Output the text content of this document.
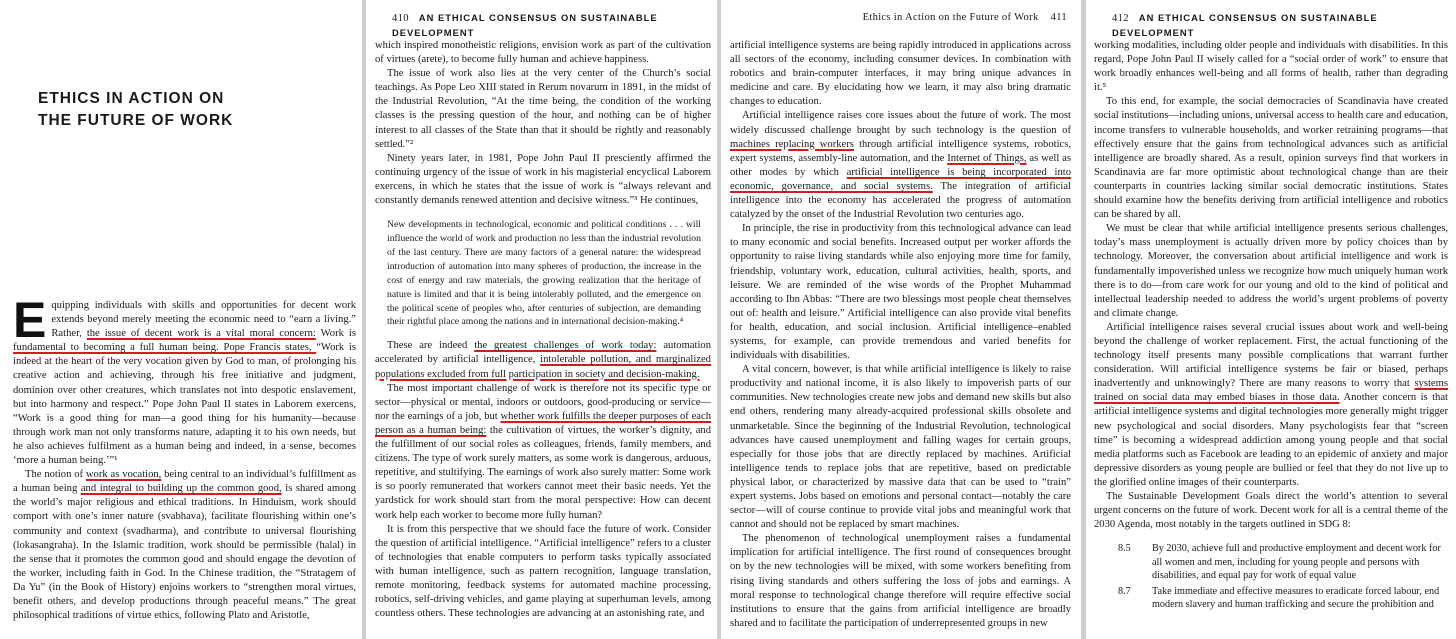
ETHICS IN ACTION ON
THE FUTURE OF WORK

Equipping individuals with skills and opportunities for decent work extends beyond merely meeting the economic need to “earn a living.” Rather, the issue of decent work is a vital moral concern: Work is fundamental to becoming a full human being. Pope Francis states, “Work is indeed at the heart of the very vocation given by God to man, of prolonging his creative action and achieving, through his free initiative and judgment, dominion over other creatures, which translates not into despotic enslavement, but into harmony and respect.” Pope John Paul II states in Laborem exercens, “Work is a good thing for man—a good thing for his humanity—because through work man not only transforms nature, adapting it to his own needs, but he also achieves fulfilment as a human being and indeed, in a sense, becomes ‘more a human being.’”¹

The notion of work as vocation, being central to an individual’s fulfillment as a human being and integral to building up the common good, is shared among the world’s major religious and ethical traditions. In Hinduism, work should comport with one’s inner nature (svabhava), facilitate flourishing within one’s community and context (svadharma), and contribute to universal flourishing (lokasangraha). In the Islamic tradition, work should be permissible (halal) in the sense that it promotes the common good and should engage the devotion of the worker, including faith in God. In the Chinese tradition, the “Stratagem of Da Yu” (in the Book of History) enjoins workers to “strengthen moral virtues, benefit others, and develop productions through peaceful means.” The great philosophical traditions of virtue ethics, following Plato and Aristotle,

410 AN ETHICAL CONSENSUS ON SUSTAINABLE DEVELOPMENT

which inspired monotheistic religions, envision work as part of the cultivation of virtues (arete), to become fully human and achieve happiness.

The issue of work also lies at the very center of the Church’s social teachings. As Pope Leo XIII stated in Rerum novarum in 1891, in the midst of the Industrial Revolution, “At the time being, the condition of the working classes is the pressing question of the hour, and nothing can be of higher interest to all classes of the State than that it should be rightly and reasonably settled.”²

Ninety years later, in 1981, Pope John Paul II presciently affirmed the continuing urgency of the issue of work in his magisterial encyclical Laborem exercens, in which he states that the issue of work is “always relevant and constantly demands renewed attention and decisive witness.”³ He continues,

New developments in technological, economic and political conditions . . . will influence the world of work and production no less than the industrial revolution of the last century. There are many factors of a general nature: the widespread introduction of automation into many spheres of production, the increase in the cost of energy and raw materials, the growing realization that the heritage of nature is limited and that it is being intolerably polluted, and the emergence on the political scene of peoples who, after centuries of subjection, are demanding their rightful place among the nations and in international decision-making.⁴

These are indeed the greatest challenges of work today: automation accelerated by artificial intelligence, intolerable pollution, and marginalized populations excluded from full participation in society and decision-making.

The most important challenge of work is therefore not its specific type or sector—physical or mental, indoors or outdoors, good-producing or service—nor the earnings of a job, but whether work fulfills the deeper purposes of each person as a human being: the cultivation of virtues, the worker’s dignity, and the fulfillment of our social roles as colleagues, friends, family members, and citizens. The type of work surely matters, as some work is dangerous, arduous, repetitive, and stultifying. The earnings of work also surely matter: Some work is so poorly remunerated that workers cannot meet their basic needs. Yet the yardstick for work should start from the moral perspective: How can decent work help each worker to become more fully human?

It is from this perspective that we should face the future of work. Consider the question of artificial intelligence. “Artificial intelligence” refers to a cluster of technologies that enable computers to perform tasks typically associated with human intelligence, such as pattern recognition, language translation, remote monitoring, feedback systems for automated machine processing, robotics, self-driving vehicles, and game playing at superhuman levels, among countless others. These technologies are advancing at an astonishing rate, and

Ethics in Action on the Future of Work 411

artificial intelligence systems are being rapidly introduced in applications across all sectors of the economy, including consumer devices. In combination with robotics and brain-computer interfaces, it may bring unique advances in medicine and care. By elucidating how we learn, it may also bring dramatic changes to education.

Artificial intelligence raises core issues about the future of work. The most widely discussed challenge brought by such technology is the question of machines replacing workers through artificial intelligence systems, robotics, expert systems, assembly-line automation, and the Internet of Things, as well as other modes by which artificial intelligence is being incorporated into economic, governance, and social systems. The integration of artificial intelligence into the economy has accelerated the progress of automation catalyzed by the onset of the Industrial Revolution two centuries ago.

In principle, the rise in productivity from this technological advance can lead to many economic and social benefits. Increased output per worker affords the opportunity to raise living standards while also enjoying more time for family, friendship, voluntary work, education, cultural activities, health, sports, and leisure. We are reminded of the wise words of the Prophet Muhammad according to Ibn Abbas: “There are two blessings most people cheat themselves out of: health and leisure.” Artificial intelligence can also provide vital benefits for health, education, and social inclusion. Artificial intelligence–enabled systems, for example, can provide tremendous and varied benefits for individuals with disabilities.

A vital concern, however, is that while artificial intelligence is likely to raise productivity and national income, it is also likely to impoverish parts of our communities. New technologies create new jobs and demand new skills but also end others, rendering many already-acquired professional skills obsolete and unmarketable. Since the beginning of the Industrial Revolution, technological advances have caused unemployment and falling wages for certain groups, especially for those jobs that are directly replaced by machines. Artificial intelligence tends to replace jobs that are repetitive, based on predictable physical labor, or characterized by massive data that can be used to “train” expert systems. Jobs based on emotions and personal contact—notably the care sector—will of course continue to provide vital jobs and meaningful work that cannot and should not be replaced by smart machines.

The phenomenon of technological unemployment raises a fundamental implication for artificial intelligence. The first round of consequences brought on by the new technologies will be mixed, with some workers benefiting from rising living standards and others suffering the loss of jobs and earnings. A moral response to technological change therefore will require effective social institutions to ensure that the gains from artificial intelligence are broadly shared and to facilitate the participation of underrepresented groups in new

412 AN ETHICAL CONSENSUS ON SUSTAINABLE DEVELOPMENT

working modalities, including older people and individuals with disabilities. In this regard, Pope John Paul II wisely called for a “social order of work” to ensure that work broadly enhances well-being and all forms of health, rather than degrading it.⁵

To this end, for example, the social democracies of Scandinavia have created social institutions—including unions, universal access to health care and education, income transfers to vulnerable households, and worker retraining programs—that effectively ensure that the gains from technological advances such as artificial intelligence are broadly shared. As a result, opinion surveys find that workers in Scandinavia are far more optimistic about technological change than are their counterparts in countries lacking similar social democratic institutions. States should examine how the benefits deriving from artificial intelligence and robotics can be shared by all.

We must be clear that while artificial intelligence presents serious challenges, today’s mass unemployment is actually driven more by policy choices than by technology. Moreover, the conversation about artificial intelligence and work is fundamentally impoverished unless we recognize how much uniquely human work there is to do—from care work for our young and old to the kind of political and intellectual leadership needed to address the world’s urgent problems of poverty and climate change.

Artificial intelligence raises several crucial issues about work and well-being beyond the challenge of worker replacement. First, the actual functioning of the technology itself presents many possible complications that warrant further consideration. Will artificial intelligence systems be fair or biased, perhaps inadvertently and unknowingly? There are many reasons to worry that systems trained on social data may embed biases in those data. Another concern is that artificial intelligence systems and digital technologies more generally might trigger new psychological and social disorders. Many psychologists fear that “screen time” is becoming a widespread addiction among young people and that social media platforms such as Facebook are leading to an epidemic of anxiety and major depressive disorders as young people are bullied or feel that they do not live up to the glorified online images of their counterparts.

The Sustainable Development Goals direct the world’s attention to several urgent concerns on the future of work. Decent work for all is a central theme of the 2030 Agenda, most notably in the targets outlined in SDG 8:

8.5	By 2030, achieve full and productive employment and decent work for all women and men, including for young people and persons with disabilities, and equal pay for work of equal value
8.7	Take immediate and effective measures to eradicate forced labour, end modern slavery and human trafficking and secure the prohibition and
